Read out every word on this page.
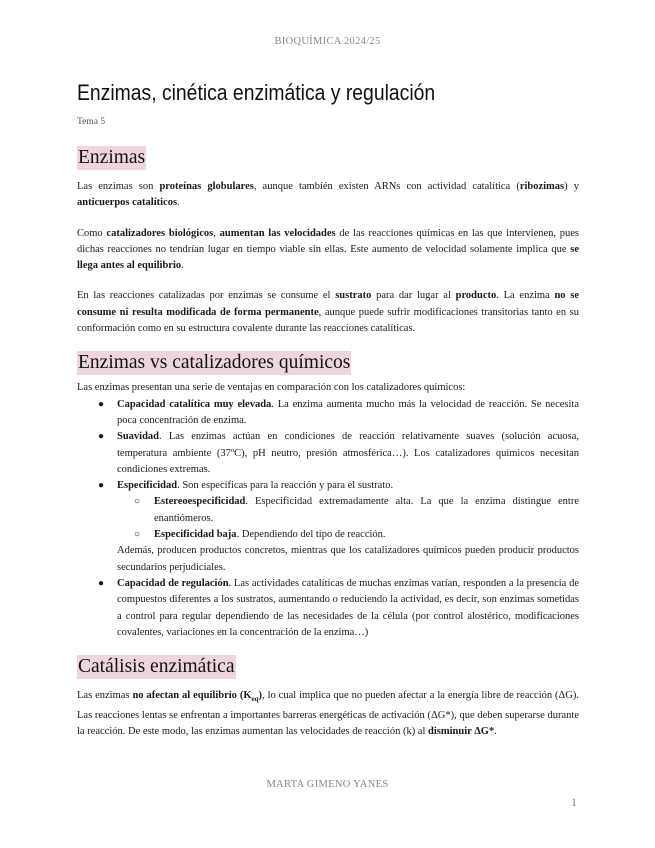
BIOQUÍMICA 2024/25
Enzimas, cinética enzimática y regulación
Tema 5
Enzimas

Las enzimas son proteínas globulares, aunque también existen ARNs con actividad catalítica (ribozimas) y anticuerpos catalíticos.

Como catalizadores biológicos, aumentan las velocidades de las reacciones químicas en las que intervienen, pues dichas reacciones no tendrían lugar en tiempo viable sin ellas. Este aumento de velocidad solamente implica que se llega antes al equilibrio.

En las reacciones catalizadas por enzimas se consume el sustrato para dar lugar al producto. La enzima no se consume ni resulta modificada de forma permanente, aunque puede sufrir modificaciones transitorias tanto en su conformación como en su estructura covalente durante las reacciones catalíticas.

Enzimas vs catalizadores químicos

Las enzimas presentan una serie de ventajas en comparación con los catalizadores químicos:

● Capacidad catalítica muy elevada. La enzima aumenta mucho más la velocidad de reacción. Se necesita poca concentración de enzima.
● Suavidad. Las enzimas actúan en condiciones de reacción relativamente suaves (solución acuosa, temperatura ambiente (37ºC), pH neutro, presión atmosférica…). Los catalizadores químicos necesitan condiciones extremas.
● Especificidad. Son específicas para la reacción y para el sustrato.
○ Estereoespecificidad. Especificidad extremadamente alta. La que la enzima distingue entre enantiómeros.
○ Especificidad baja. Dependiendo del tipo de reacción.
Además, producen productos concretos, mientras que los catalizadores químicos pueden producir productos secundarios perjudiciales.
● Capacidad de regulación. Las actividades catalíticas de muchas enzimas varían, responden a la presencia de compuestos diferentes a los sustratos, aumentando o reduciendo la actividad, es decir, son enzimas sometidas a control para regular dependiendo de las necesidades de la célula (por control alostérico, modificaciones covalentes, variaciones en la concentración de la enzima…)
Catálisis enzimática

Las enzimas no afectan al equilibrio $(K_{eq})$, lo cual implica que no pueden afectar a la energía libre de reacción (ΔG). Las reacciones lentas se enfrentan a importantes barreras energéticas de activación (ΔG*), que deben superarse durante la reacción. De este modo, las enzimas aumentan las velocidades de reacción (k) al disminuir ΔG*.

MARTA GIMENO YANES
1
